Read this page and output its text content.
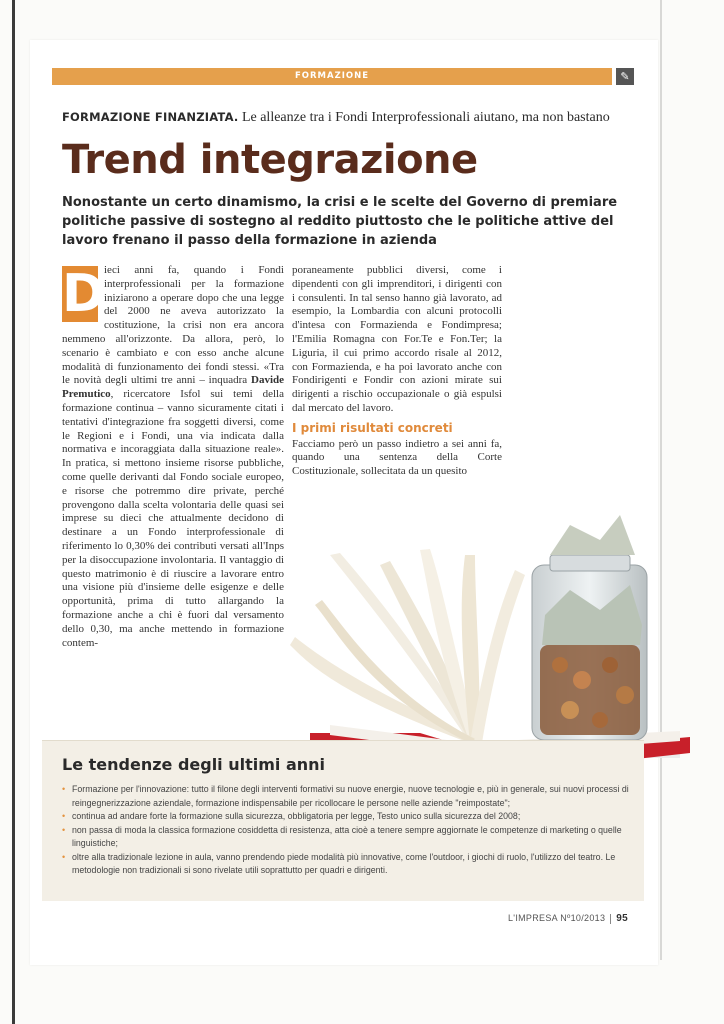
FORMAZIONE	✎
FORMAZIONE FINANZIATA. Le alleanze tra i Fondi Interprofessionali aiutano, ma non bastano
Trend integrazione
Nonostante un certo dinamismo, la crisi e le scelte del Governo di premiare politiche passive di sostegno al reddito piuttosto che le politiche attive del lavoro frenano il passo della formazione in azienda
D

ieci anni fa, quando i Fondi interprofessionali per la formazione iniziarono a operare dopo che una legge del 2000 ne aveva autorizzato la costituzione, la crisi non era ancora nemmeno all'orizzonte. Da allora, però, lo scenario è cambiato e con esso anche alcune modalità di funzionamento dei fondi stessi. «Tra le novità degli ultimi tre anni – inquadra Davide Premutico, ricercatore Isfol sui temi della formazione continua – vanno sicuramente citati i tentativi d'integrazione fra soggetti diversi, come le Regioni e i Fondi, una via indicata dalla normativa e incoraggiata dalla situazione reale». In pratica, si mettono insieme risorse pubbliche, come quelle derivanti dal Fondo sociale europeo, e risorse che potremmo dire private, perché provengono dalla scelta volontaria delle quasi sei imprese su dieci che attualmente decidono di destinare a un Fondo interprofessionale di riferimento lo 0,30% dei contributi versati all'Inps per la disoccupazione involontaria. Il vantaggio di questo matrimonio è di riuscire a lavorare entro una visione più d'insieme delle esigenze e delle opportunità, prima di tutto allargando la formazione anche a chi è fuori dal versamento dello 0,30, ma anche mettendo in formazione contem-

poraneamente pubblici diversi, come i dipendenti con gli imprenditori, i dirigenti con i consulenti. In tal senso hanno già lavorato, ad esempio, la Lombardia con alcuni protocolli d'intesa con Formazienda e Fondimpresa; l'Emilia Romagna con For.Te e Fon.Ter; la Liguria, il cui primo accordo risale al 2012, con Formazienda, e ha poi lavorato anche con Fondirigenti e Fondir con azioni mirate sui dirigenti a rischio occupazionale o già espulsi dal mercato del lavoro.

I primi risultati concreti

Facciamo però un passo indietro a sei anni fa, quando una sentenza della Corte Costituzionale, sollecitata da un quesito

Le tendenze degli ultimi anni
• Formazione per l'innovazione: tutto il filone degli interventi formativi su nuove energie, nuove tecnologie e, più in generale, sui nuovi processi di reingegnerizzazione aziendale, formazione indispensabile per ricollocare le persone nelle aziende "reimpostate";
• continua ad andare forte la formazione sulla sicurezza, obbligatoria per legge, Testo unico sulla sicurezza del 2008;
• non passa di moda la classica formazione cosiddetta di resistenza, atta cioè a tenere sempre aggiornate le competenze di marketing o quelle linguistiche;
• oltre alla tradizionale lezione in aula, vanno prendendo piede modalità più innovative, come l'outdoor, i giochi di ruolo, l'utilizzo del teatro. Le metodologie non tradizionali si sono rivelate utili soprattutto per quadri e dirigenti.
L'IMPRESA Nº10/2013 95
